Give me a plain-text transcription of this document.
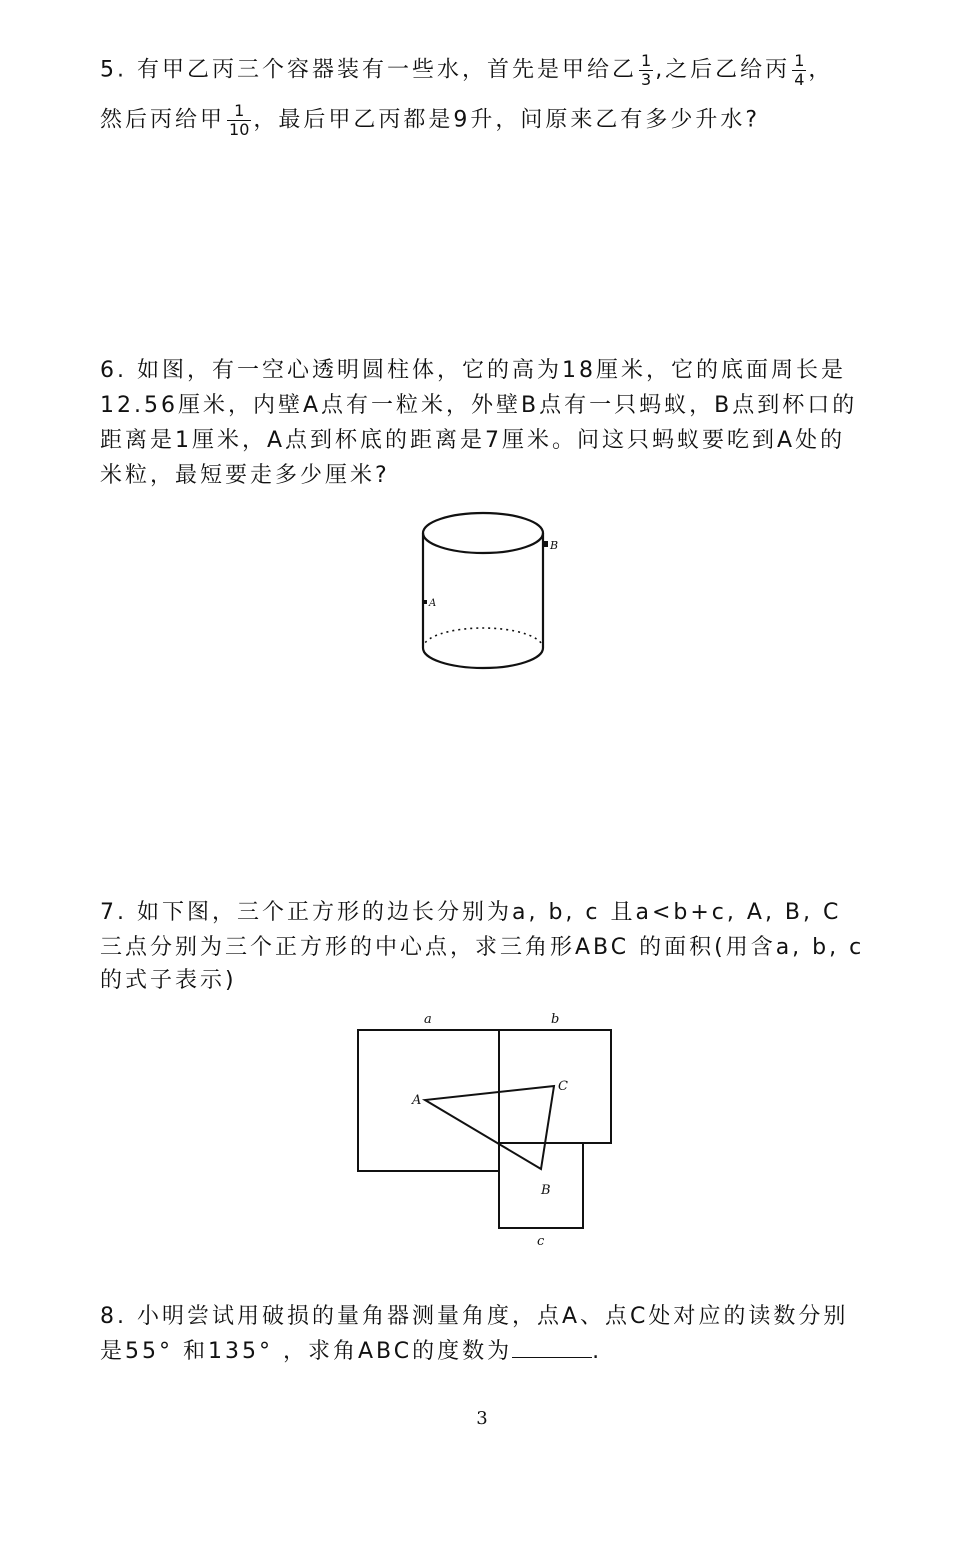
5. 有甲乙丙三个容器装有一些水，首先是甲给乙 $\frac{1}{3}$ ,之后乙给丙 $\frac{1}{4}$ ，
然后丙给甲 $\frac{1}{10}$ ，最后甲乙丙都是9升，问原来乙有多少升水?
6. 如图，有一空心透明圆柱体，它的高为18厘米，它的底面周长是
12.56厘米，内壁A点有一粒米，外壁B点有一只蚂蚁，B点到杯口的
距离是1厘米，A点到杯底的距离是7厘米。问这只蚂蚁要吃到A处的
米粒，最短要走多少厘米?
B
A
7. 如下图，三个正方形的边长分别为a, b, c 且a<b+c, A, B, C
三点分别为三个正方形的中心点，求三角形ABC 的面积(用含a, b, c
的式子表示)
a	b
c
A
B
C
8. 小明尝试用破损的量角器测量角度，点A、点C处对应的读数分别
是55° 和135° ，求角ABC的度数为	.
3
